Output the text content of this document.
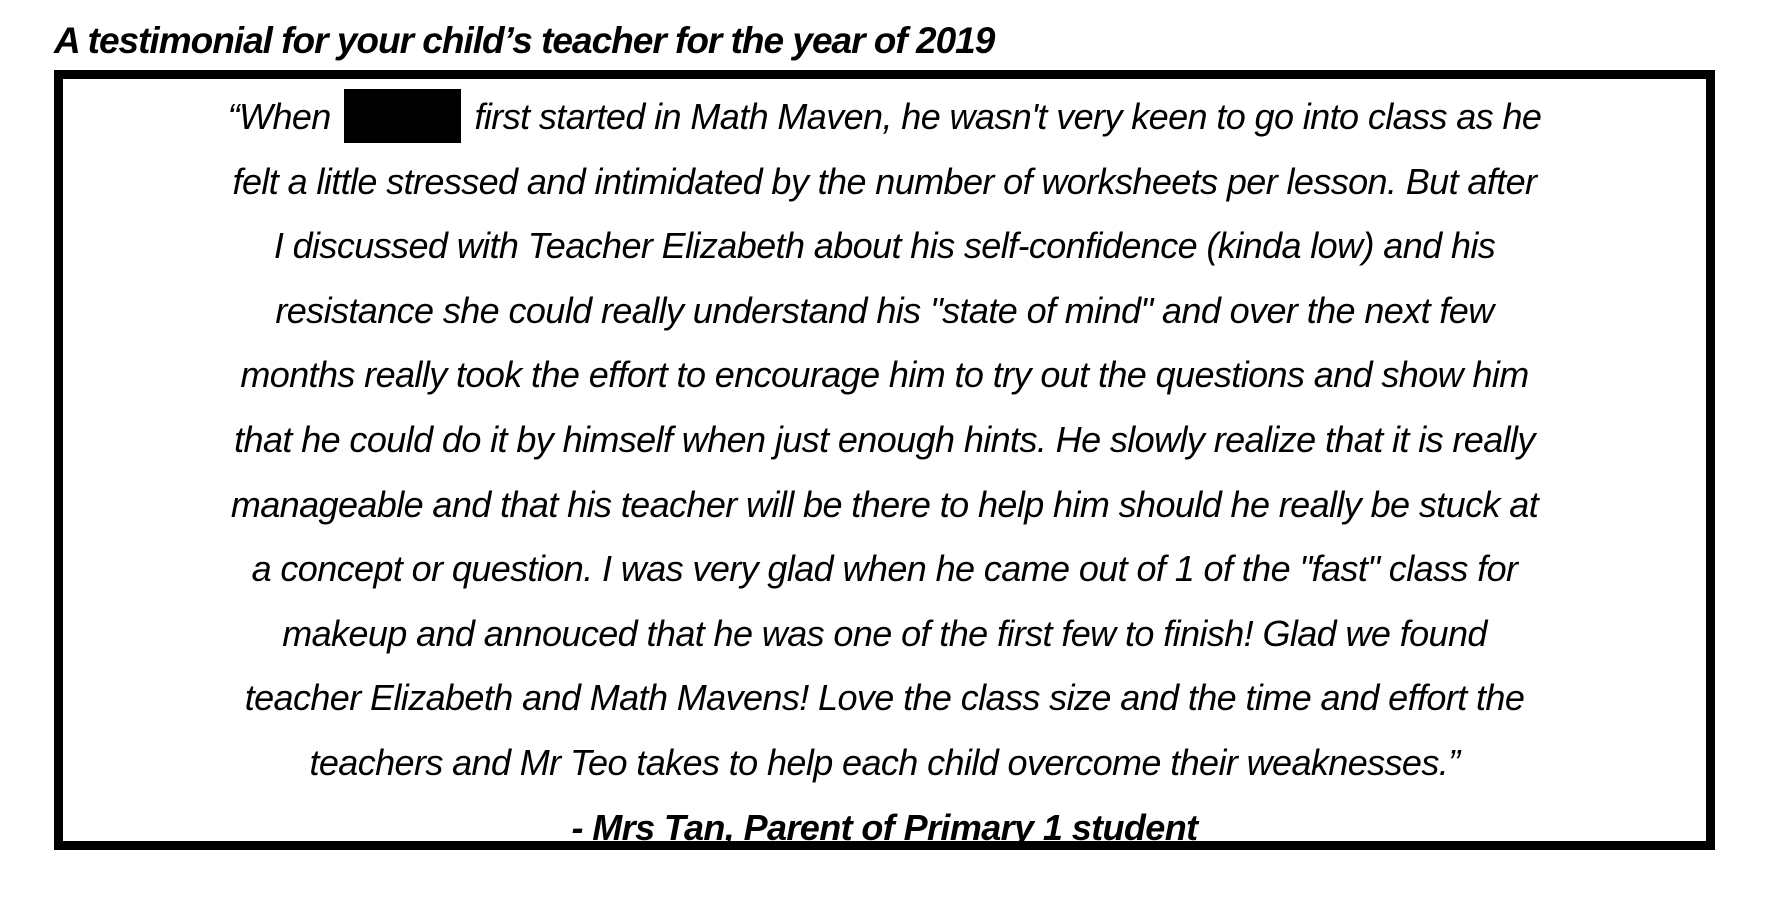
A testimonial for your child’s teacher for the year of 2019
“When	first started in Math Maven, he wasn't very keen to go into class as he
felt a little stressed and intimidated by the number of worksheets per lesson. But after
I discussed with Teacher Elizabeth about his self-confidence (kinda low) and his
resistance she could really understand his "state of mind" and over the next few
months really took the effort to encourage him to try out the questions and show him
that he could do it by himself when just enough hints. He slowly realize that it is really
manageable and that his teacher will be there to help him should he really be stuck at
a concept or question. I was very glad when he came out of 1 of the "fast" class for
makeup and annouced that he was one of the first few to finish! Glad we found
teacher Elizabeth and Math Mavens! Love the class size and the time and effort the
teachers and Mr Teo takes to help each child overcome their weaknesses.”
- Mrs Tan, Parent of Primary 1 student
